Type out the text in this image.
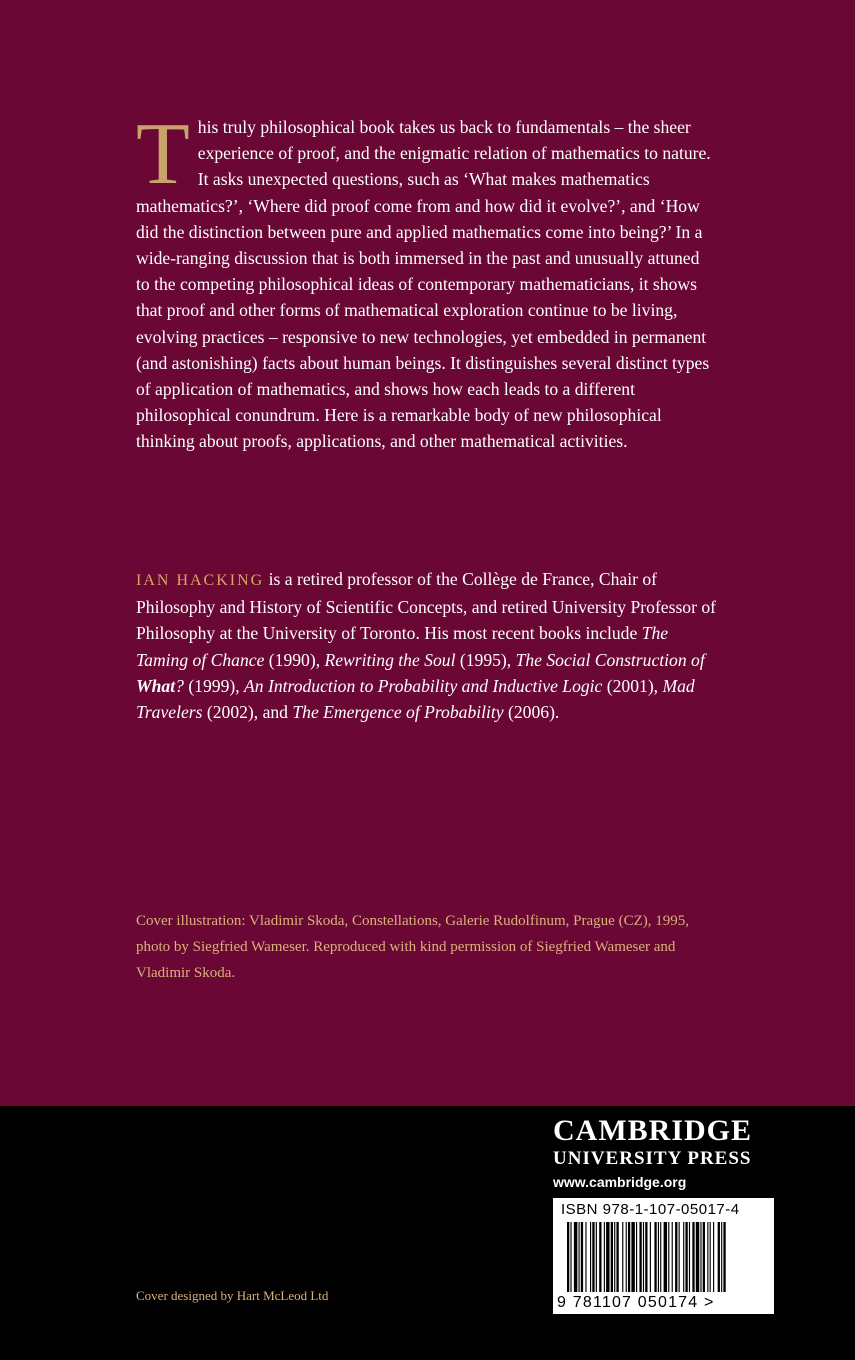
T his truly philosophical book takes us back to fundamentals – the sheer experience of proof, and the enigmatic relation of mathematics to nature. It asks unexpected questions, such as ‘What makes mathematics mathematics?’, ‘Where did proof come from and how did it evolve?’, and ‘How did the distinction between pure and applied mathematics come into being?’ In a wide-ranging discussion that is both immersed in the past and unusually attuned to the competing philosophical ideas of contemporary mathematicians, it shows that proof and other forms of mathematical exploration continue to be living, evolving practices – responsive to new technologies, yet embedded in permanent (and astonishing) facts about human beings. It distinguishes several distinct types of application of mathematics, and shows how each leads to a different philosophical conundrum. Here is a remarkable body of new philosophical thinking about proofs, applications, and other mathematical activities.
IAN HACKING is a retired professor of the Collège de France, Chair of Philosophy and History of Scientific Concepts, and retired University Professor of Philosophy at the University of Toronto. His most recent books include The Taming of Chance (1990), Rewriting the Soul (1995), The Social Construction of What? (1999), An Introduction to Probability and Inductive Logic (2001), Mad Travelers (2002), and The Emergence of Probability (2006).
Cover illustration: Vladimir Skoda, Constellations, Galerie Rudolfinum, Prague (CZ), 1995, photo by Siegfried Wameser. Reproduced with kind permission of Siegfried Wameser and Vladimir Skoda.
Cover designed by Hart McLeod Ltd
CAMBRIDGE
UNIVERSITY PRESS
www.cambridge.org
ISBN 978-1-107-05017-4
9 781107 050174 >
